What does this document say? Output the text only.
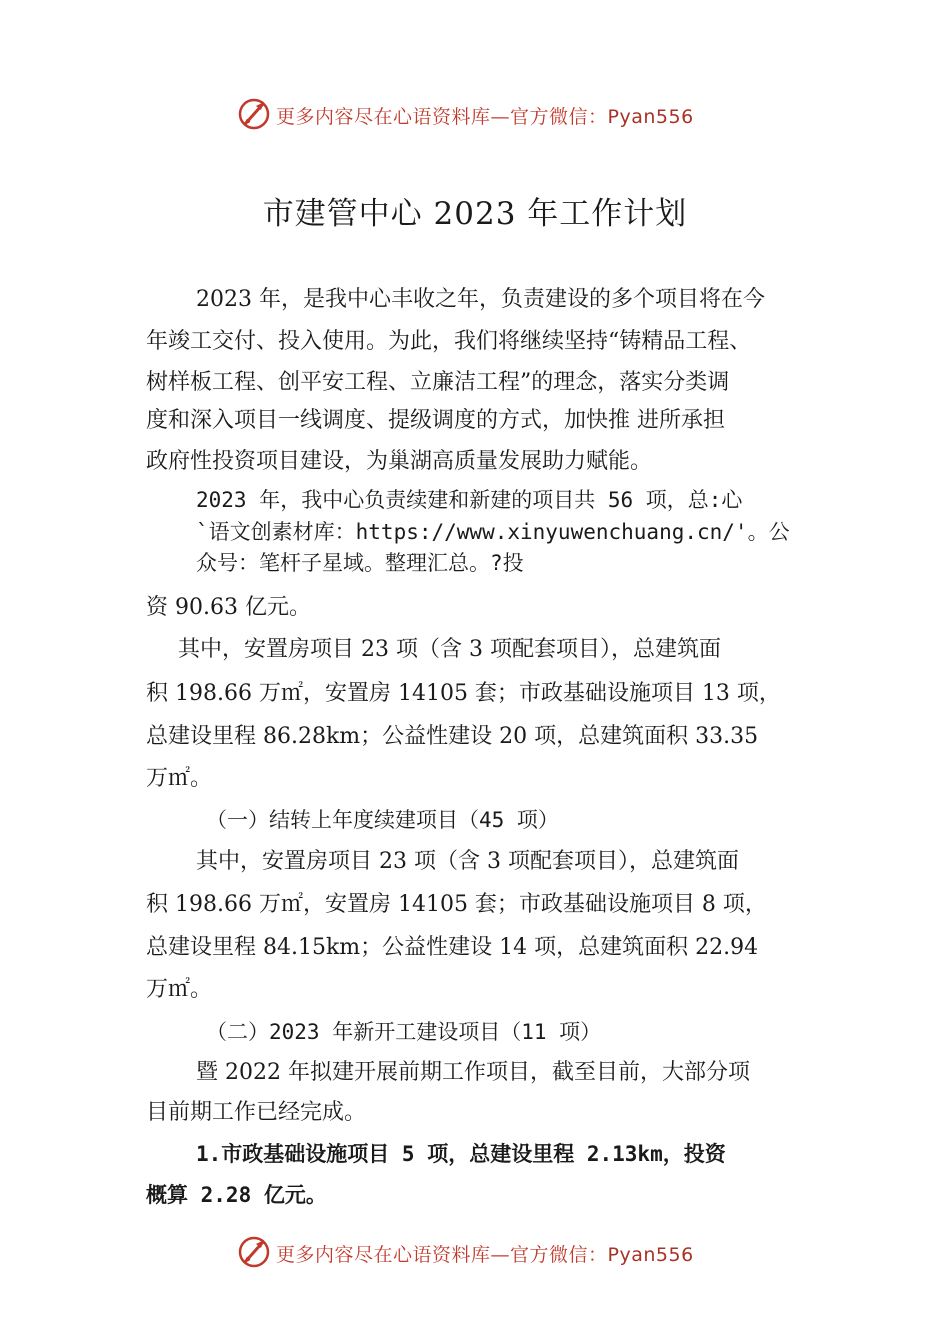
更多内容尽在心语资料库—官方微信：Pyan556
市建管中心 2023 年工作计划
2023 年，是我中心丰收之年，负责建设的多个项目将在今
年竣工交付、投入使用。为此，我们将继续坚持“铸精品工程、
树样板工程、创平安工程、立廉洁工程”的理念，落实分类调
度和深入项目一线调度、提级调度的方式，加快推 进所承担
政府性投资项目建设，为巢湖高质量发展助力赋能。
2023 年，我中心负责续建和新建的项目共 56 项，总:心
`语文创素材库：https://www.xinyuwenchuang.cn/'。公
众号：笔杆子星域。整理汇总。?投
资 90.63 亿元。
其中，安置房项目 23 项（含 3 项配套项目），总建筑面
积 198.66 万㎡，安置房 14105 套；市政基础设施项目 13 项，
总建设里程 86.28km；公益性建设 20 项，总建筑面积 33.35
万㎡。
（一）结转上年度续建项目（45 项）
其中，安置房项目 23 项（含 3 项配套项目），总建筑面
积 198.66 万㎡，安置房 14105 套；市政基础设施项目 8 项，
总建设里程 84.15km；公益性建设 14 项，总建筑面积 22.94
万㎡。
（二）2023 年新开工建设项目（11 项）
暨 2022 年拟建开展前期工作项目，截至目前，大部分项
目前期工作已经完成。
1.市政基础设施项目 5 项，总建设里程 2.13km，投资
概算 2.28 亿元。
更多内容尽在心语资料库—官方微信：Pyan556
